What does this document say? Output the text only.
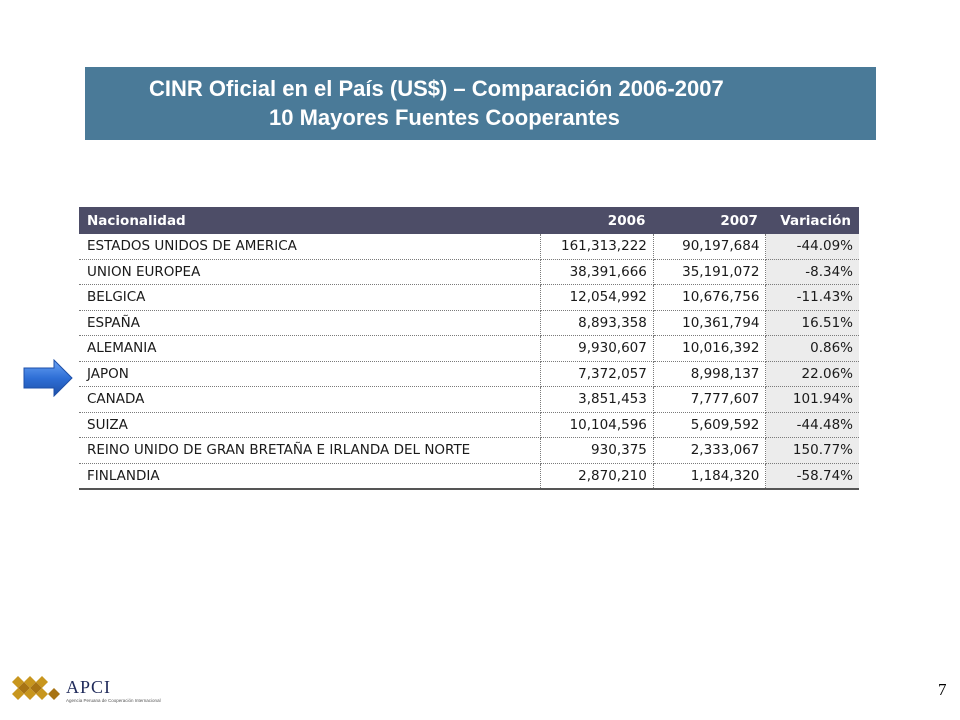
CINR Oficial en el País (US$) – Comparación 2006-2007
10 Mayores Fuentes Cooperantes
Nacionalidad	2006	2007	Variación
ESTADOS UNIDOS DE AMERICA	161,313,222	90,197,684	-44.09%
UNION EUROPEA	38,391,666	35,191,072	-8.34%
BELGICA	12,054,992	10,676,756	-11.43%
ESPAÑA	8,893,358	10,361,794	16.51%
ALEMANIA	9,930,607	10,016,392	0.86%
JAPON	7,372,057	8,998,137	22.06%
CANADA	3,851,453	7,777,607	101.94%
SUIZA	10,104,596	5,609,592	-44.48%
REINO UNIDO DE GRAN BRETAÑA E IRLANDA DEL NORTE	930,375	2,333,067	150.77%
FINLANDIA	2,870,210	1,184,320	-58.74%
APCI
Agencia Peruana de Cooperación Internacional
7
